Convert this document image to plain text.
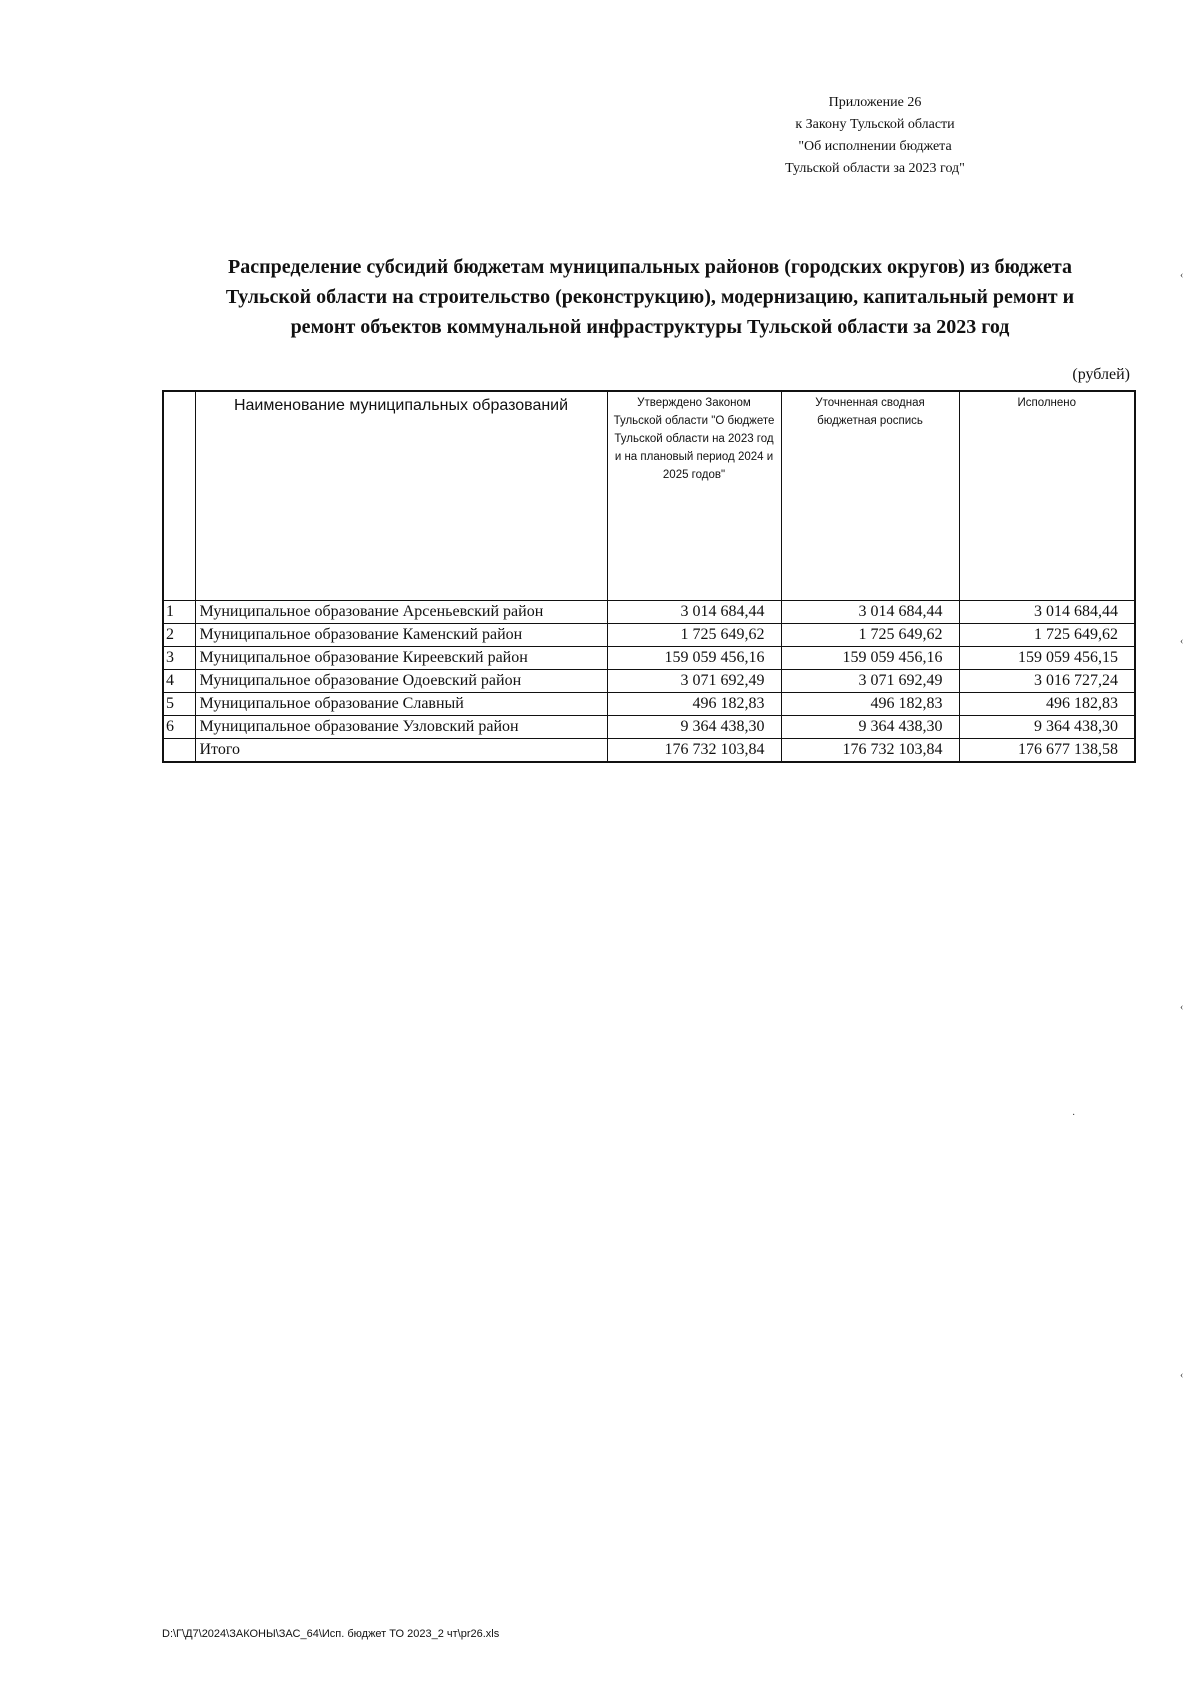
Приложение 26
к Закону Тульской области
"Об исполнении бюджета
Тульской области за 2023 год"
Распределение субсидий бюджетам муниципальных районов (городских округов) из бюджета
Тульской области на строительство (реконструкцию), модернизацию, капитальный ремонт и
ремонт объектов коммунальной инфраструктуры Тульской области за 2023 год
(рублей)
	Наименование муниципальных образований	Утверждено Законом Тульской области "О бюджете Тульской области на 2023 год и на плановый период 2024 и 2025 годов"	Уточненная сводная бюджетная роспись	Исполнено
1	Муниципальное образование Арсеньевский район	3 014 684,44	3 014 684,44	3 014 684,44
2	Муниципальное образование Каменский район	1 725 649,62	1 725 649,62	1 725 649,62
3	Муниципальное образование Киреевский район	159 059 456,16	159 059 456,16	159 059 456,15
4	Муниципальное образование Одоевский район	3 071 692,49	3 071 692,49	3 016 727,24
5	Муниципальное образование Славный	496 182,83	496 182,83	496 182,83
6	Муниципальное образование Узловский район	9 364 438,30	9 364 438,30	9 364 438,30
	Итого	176 732 103,84	176 732 103,84	176 677 138,58
D:\Г\Д7\2024\ЗАКОНЫ\ЗАС_64\Исп. бюджет ТО 2023_2 чт\pr26.xls
‹
‹
‹
·
‹
